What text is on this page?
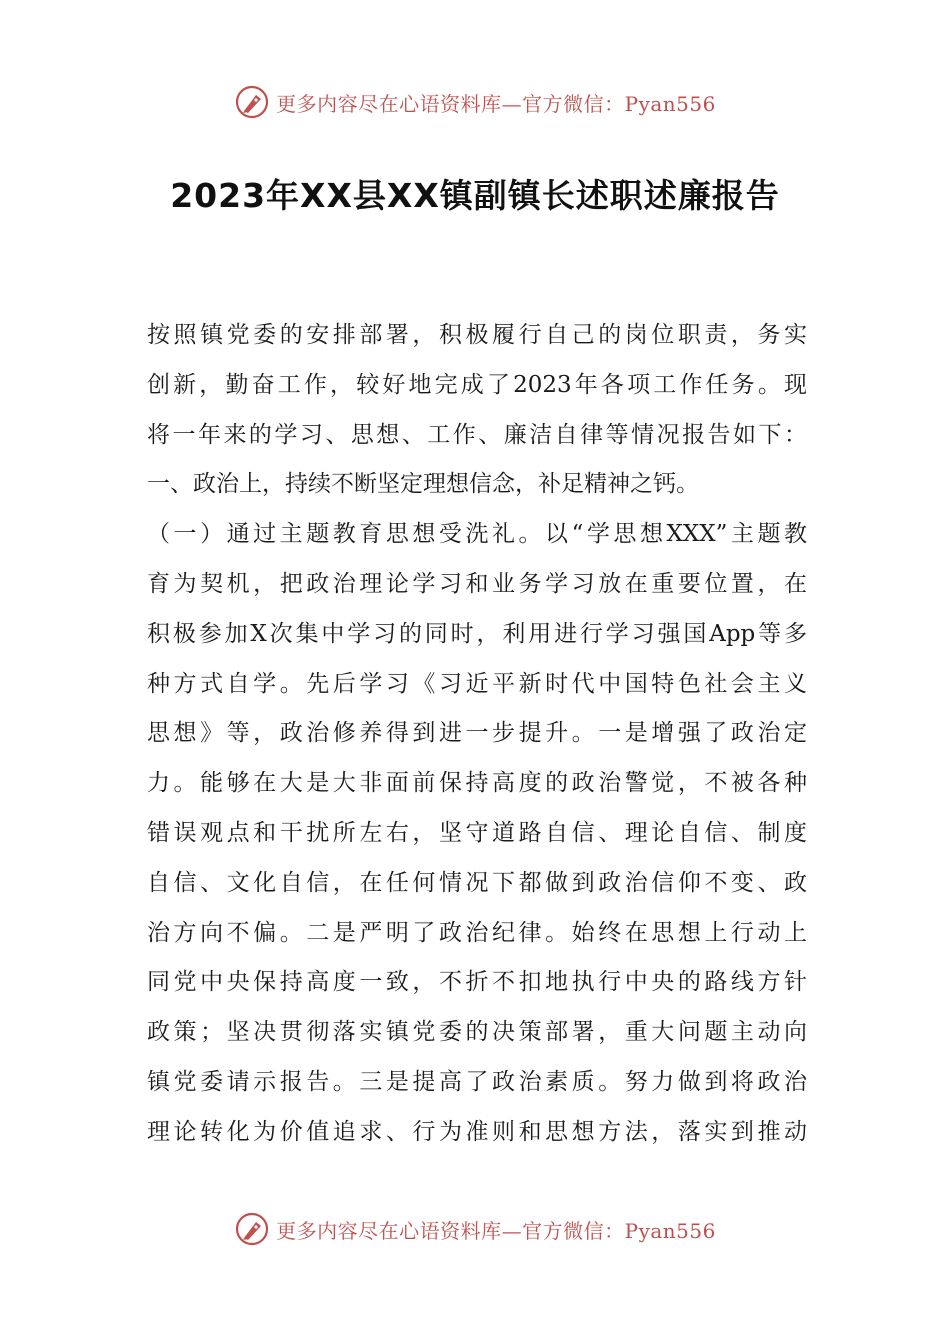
更多内容尽在心语资料库—官方微信：Pyan556
2023年XX县XX镇副镇长述职述廉报告
按照镇党委的安排部署，积极履行自己的岗位职责，务实
创新，勤奋工作，较好地完成了2023年各项工作任务。现
将一年来的学习、思想、工作、廉洁自律等情况报告如下：
一、政治上，持续不断坚定理想信念，补足精神之钙。
（一）通过主题教育思想受洗礼。以“学思想XXX”主题教
育为契机，把政治理论学习和业务学习放在重要位置，在
积极参加X次集中学习的同时，利用进行学习强国App等多
种方式自学。先后学习《习近平新时代中国特色社会主义
思想》等，政治修养得到进一步提升。一是增强了政治定
力。能够在大是大非面前保持高度的政治警觉，不被各种
错误观点和干扰所左右，坚守道路自信、理论自信、制度
自信、文化自信，在任何情况下都做到政治信仰不变、政
治方向不偏。二是严明了政治纪律。始终在思想上行动上
同党中央保持高度一致，不折不扣地执行中央的路线方针
政策；坚决贯彻落实镇党委的决策部署，重大问题主动向
镇党委请示报告。三是提高了政治素质。努力做到将政治
理论转化为价值追求、行为准则和思想方法，落实到推动
更多内容尽在心语资料库—官方微信：Pyan556
